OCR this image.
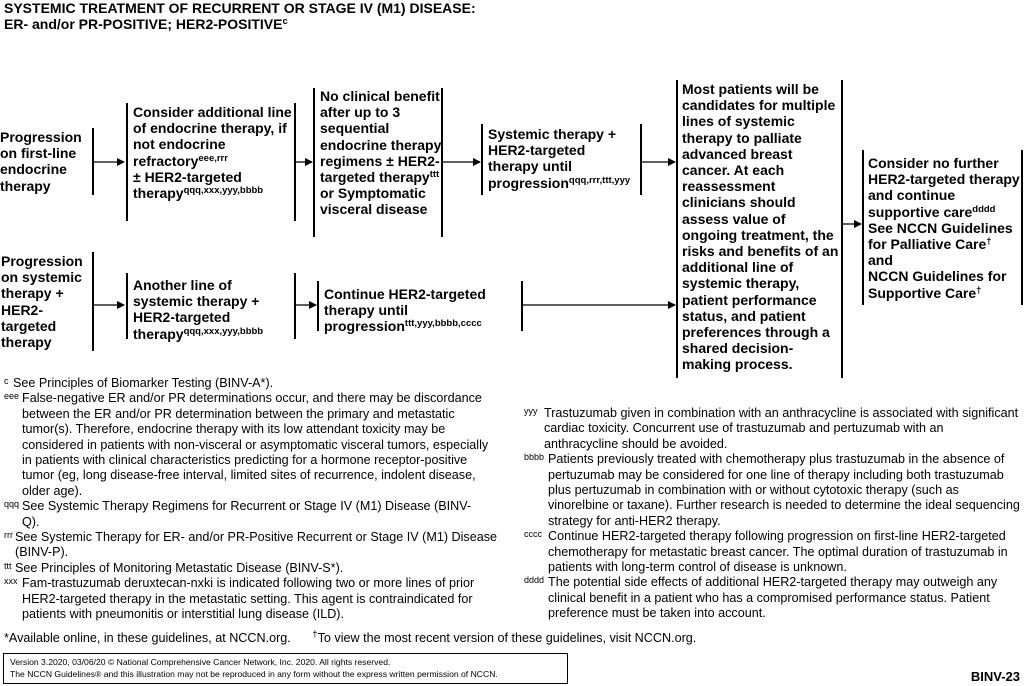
SYSTEMIC TREATMENT OF RECURRENT OR STAGE IV (M1) DISEASE:
ER- and/or PR-POSITIVE; HER2-POSITIVE$^c$
Progression on first-line endocrine therapy
Consider additional line of endocrine therapy, if not endocrine refractory$^{eee,rrr}$
± HER2-targeted therapy$^{qqq,xxx,yyy,bbbb}$
No clinical benefit after up to 3 sequential endocrine therapy regimens ± HER2-targeted therapy$^{ttt}$ or Symptomatic visceral disease
Systemic therapy + HER2-targeted therapy until progression$^{qqq,rrr,ttt,yyy}$
Progression on systemic therapy + HER2-targeted therapy
Another line of systemic therapy + HER2-targeted therapy$^{qqq,xxx,yyy,bbbb}$
Continue HER2-targeted therapy until progression$^{ttt,yyy,bbbb,cccc}$
Most patients will be candidates for multiple lines of systemic therapy to palliate advanced breast cancer. At each reassessment clinicians should assess value of ongoing treatment, the risks and benefits of an additional line of systemic therapy, patient performance status, and patient preferences through a shared decision-making process.
Consider no further HER2-targeted therapy and continue supportive care$^{dddd}$
See NCCN Guidelines for Palliative Care†
and
NCCN Guidelines for Supportive Care†
c See Principles of Biomarker Testing (BINV-A*).

eee False-negative ER and/or PR determinations occur, and there may be discordance between the ER and/or PR determination between the primary and metastatic tumor(s). Therefore, endocrine therapy with its low attendant toxicity may be considered in patients with non-visceral or asymptomatic visceral tumors, especially in patients with clinical characteristics predicting for a hormone receptor-positive tumor (eg, long disease-free interval, limited sites of recurrence, indolent disease, older age).

qqq See Systemic Therapy Regimens for Recurrent or Stage IV (M1) Disease (BINV-Q).

rrr See Systemic Therapy for ER- and/or PR-Positive Recurrent or Stage IV (M1) Disease (BINV-P).

ttt See Principles of Monitoring Metastatic Disease (BINV-S*).

xxx Fam-trastuzumab deruxtecan-nxki is indicated following two or more lines of prior HER2-targeted therapy in the metastatic setting. This agent is contraindicated for patients with pneumonitis or interstitial lung disease (ILD).

yyy Trastuzumab given in combination with an anthracycline is associated with significant cardiac toxicity. Concurrent use of trastuzumab and pertuzumab with an anthracycline should be avoided.

bbbb Patients previously treated with chemotherapy plus trastuzumab in the absence of pertuzumab may be considered for one line of therapy including both trastuzumab plus pertuzumab in combination with or without cytotoxic therapy (such as vinorelbine or taxane). Further research is needed to determine the ideal sequencing strategy for anti-HER2 therapy.

cccc Continue HER2-targeted therapy following progression on first-line HER2-targeted chemotherapy for metastatic breast cancer. The optimal duration of trastuzumab in patients with long-term control of disease is unknown.

dddd The potential side effects of additional HER2-targeted therapy may outweigh any clinical benefit in a patient who has a compromised performance status. Patient preference must be taken into account.

*Available online, in these guidelines, at NCCN.org. †To view the most recent version of these guidelines, visit NCCN.org.
Version 3.2020, 03/06/20 © National Comprehensive Cancer Network, Inc. 2020. All rights reserved.
The NCCN Guidelines® and this illustration may not be reproduced in any form without the express written permission of NCCN.	BINV-23
